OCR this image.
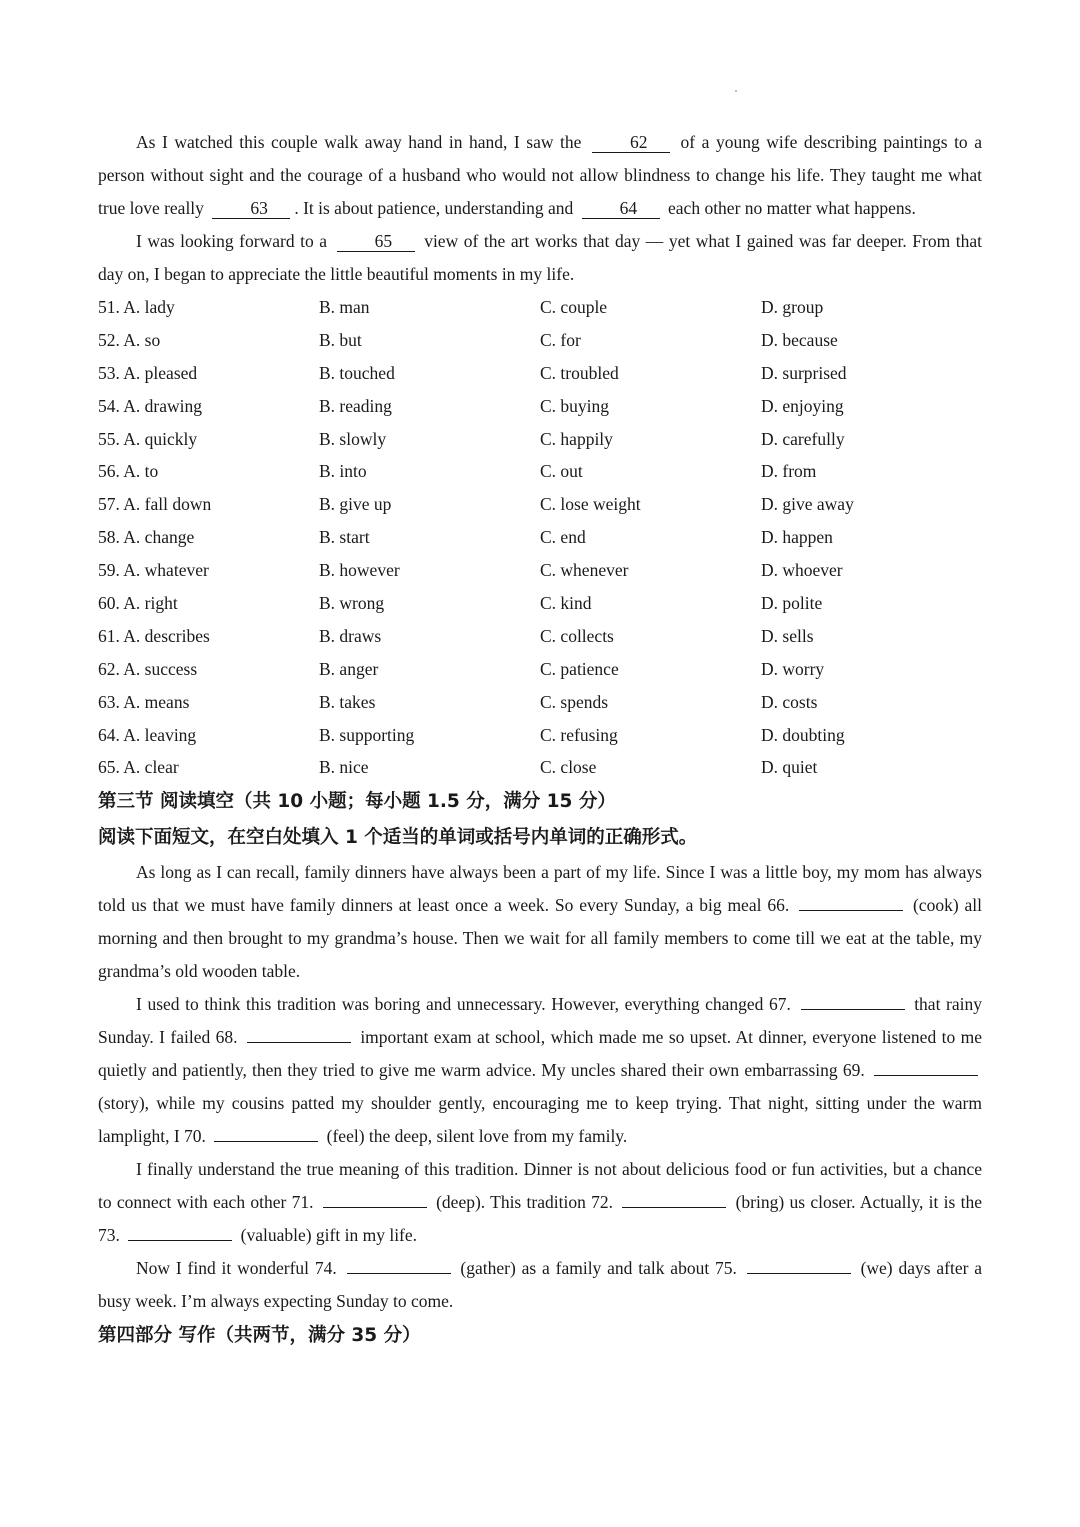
As I watched this couple walk away hand in hand, I saw the	62 of a young wife describing paintings to a person without sight and the courage of a husband who would not allow blindness to change his life. They taught me what true love really	63 . It is about patience, understanding and	64 each other no matter what happens.

I was looking forward to a	65 view of the art works that day — yet what I gained was far deeper. From that day on, I began to appreciate the little beautiful moments in my life.

51. A. lady	B. man	C. couple	D. group
52. A. so	B. but	C. for	D. because
53. A. pleased	B. touched	C. troubled	D. surprised
54. A. drawing	B. reading	C. buying	D. enjoying
55. A. quickly	B. slowly	C. happily	D. carefully
56. A. to	B. into	C. out	D. from
57. A. fall down	B. give up	C. lose weight	D. give away
58. A. change	B. start	C. end	D. happen
59. A. whatever	B. however	C. whenever	D. whoever
60. A. right	B. wrong	C. kind	D. polite
61. A. describes	B. draws	C. collects	D. sells
62. A. success	B. anger	C. patience	D. worry
63. A. means	B. takes	C. spends	D. costs
64. A. leaving	B. supporting	C. refusing	D. doubting
65. A. clear	B. nice	C. close	D. quiet

第三节 阅读填空（共 10 小题；每小题 1.5 分，满分 15 分）

阅读下面短文，在空白处填入 1 个适当的单词或括号内单词的正确形式。

As long as I can recall, family dinners have always been a part of my life. Since I was a little boy, my mom has always told us that we must have family dinners at least once a week. So every Sunday, a big meal 66.	(cook) all morning and then brought to my grandma’s house. Then we wait for all family members to come till we eat at the table, my grandma’s old wooden table.

I used to think this tradition was boring and unnecessary. However, everything changed 67.	that rainy Sunday. I failed 68.	important exam at school, which made me so upset. At dinner, everyone listened to me quietly and patiently, then they tried to give me warm advice. My uncles shared their own embarrassing 69.  (story), while my cousins patted my shoulder gently, encouraging me to keep trying. That night, sitting under the warm lamplight, I 70.	(feel) the deep, silent love from my family.

I finally understand the true meaning of this tradition. Dinner is not about delicious food or fun activities, but a chance to connect with each other 71.	(deep). This tradition 72.	(bring) us closer. Actually, it is the 73.	(valuable) gift in my life.

Now I find it wonderful 74.	(gather) as a family and talk about 75.	(we) days after a busy week. I’m always expecting Sunday to come.

第四部分 写作（共两节，满分 35 分）
